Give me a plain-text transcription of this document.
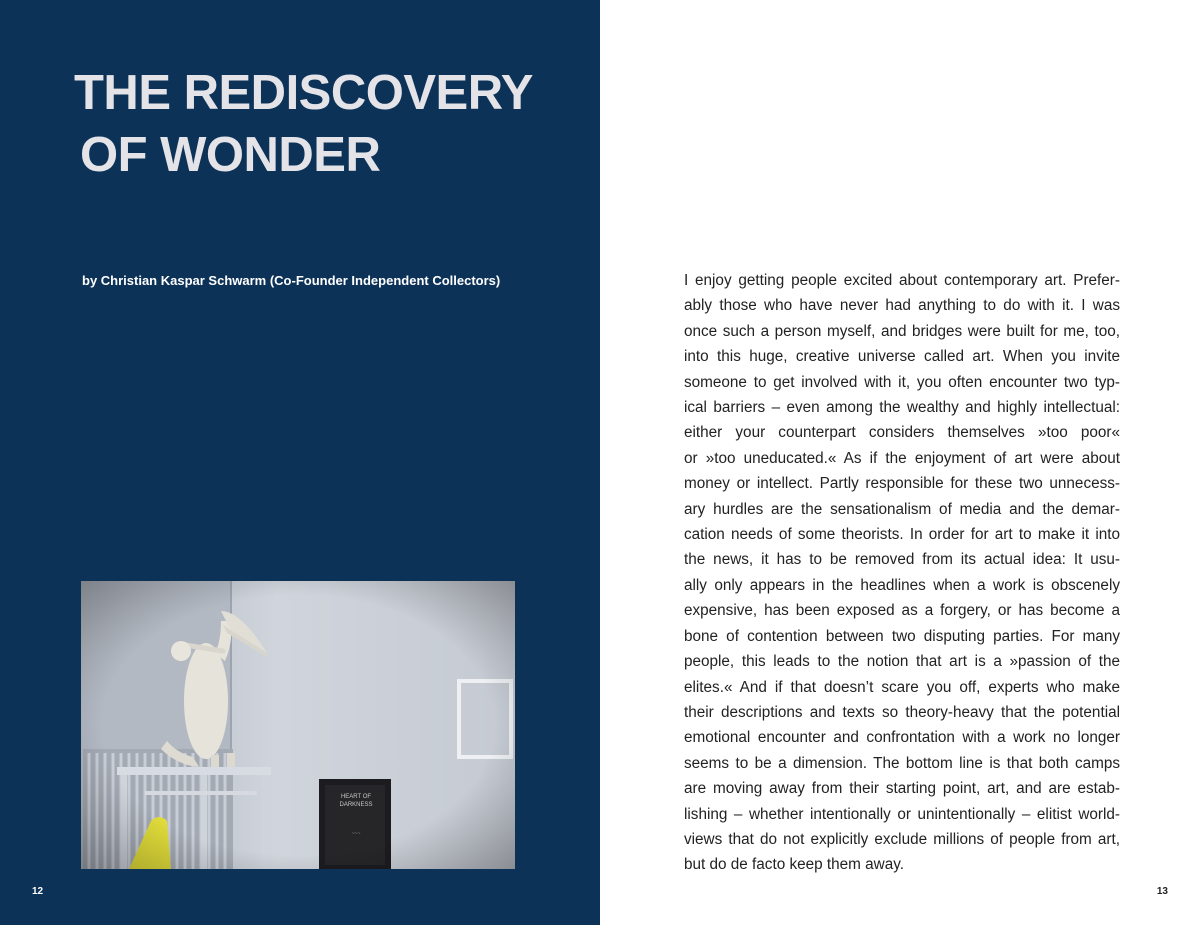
THE REDISCOVERY
OF WONDER
by Christian Kaspar Schwarm (Co-Founder Independent Collectors)
HEART OF DARKNESS
~~~
12

I enjoy getting people excited about contemporary art. Prefer-
ably those who have never had anything to do with it. I was
once such a person myself, and bridges were built for me, too,
into this huge, creative universe called art. When you invite
someone to get involved with it, you often encounter two typ-
ical barriers – even among the wealthy and highly intellectual:
either your counterpart considers themselves »too poor«
or »too uneducated.« As if the enjoyment of art were about
money or intellect. Partly responsible for these two unnecess-
ary hurdles are the sensationalism of media and the demar-
cation needs of some theorists. In order for art to make it into
the news, it has to be removed from its actual idea: It usu-
ally only appears in the headlines when a work is obscenely
expensive, has been exposed as a forgery, or has become a
bone of contention between two disputing parties. For many
people, this leads to the notion that art is a »passion of the
elites.« And if that doesn’t scare you off, experts who make
their descriptions and texts so theory-heavy that the potential
emotional encounter and confrontation with a work no longer
seems to be a dimension. The bottom line is that both camps
are moving away from their starting point, art, and are estab-
lishing – whether intentionally or unintentionally – elitist world-
views that do not explicitly exclude millions of people from art,
but do de facto keep them away.

13
